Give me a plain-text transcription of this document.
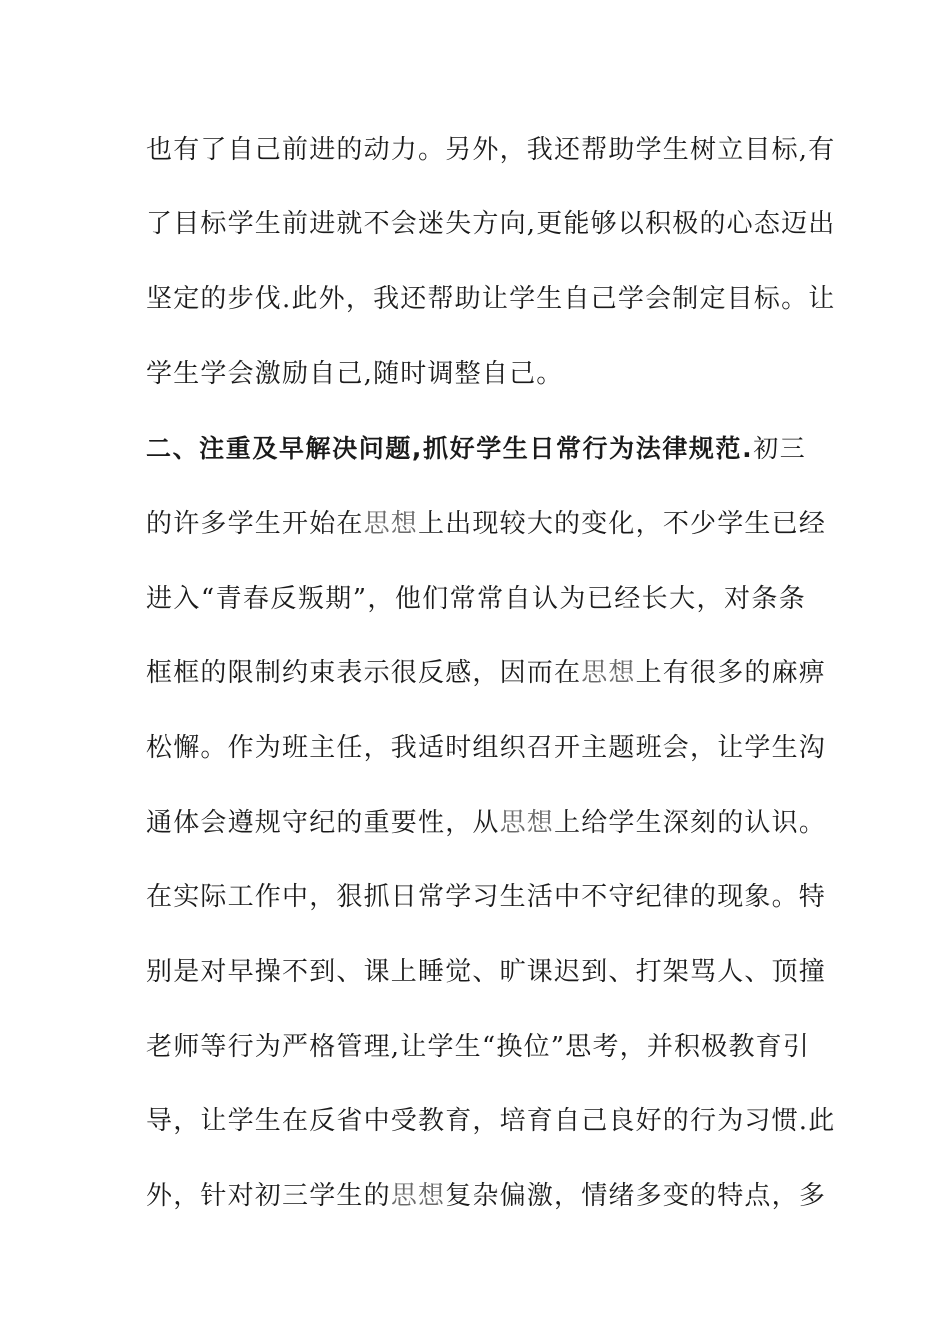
也有了自己前进的动力。另外，我还帮助学生树立目标,有
了目标学生前进就不会迷失方向,更能够以积极的心态迈出
坚定的步伐.此外，我还帮助让学生自己学会制定目标。让
学生学会激励自己,随时调整自己。
二、注重及早解决问题,抓好学生日常行为法律规范.初三
的许多学生开始在思想上出现较大的变化，不少学生已经
进入“青春反叛期”，他们常常自认为已经长大，对条条
框框的限制约束表示很反感，因而在思想上有很多的麻痹
松懈。作为班主任，我适时组织召开主题班会，让学生沟
通体会遵规守纪的重要性，从思想上给学生深刻的认识。
在实际工作中，狠抓日常学习生活中不守纪律的现象。特
别是对早操不到、课上睡觉、旷课迟到、打架骂人、顶撞
老师等行为严格管理,让学生“换位”思考，并积极教育引
导，让学生在反省中受教育，培育自己良好的行为习惯.此
外，针对初三学生的思想复杂偏激，情绪多变的特点，多
